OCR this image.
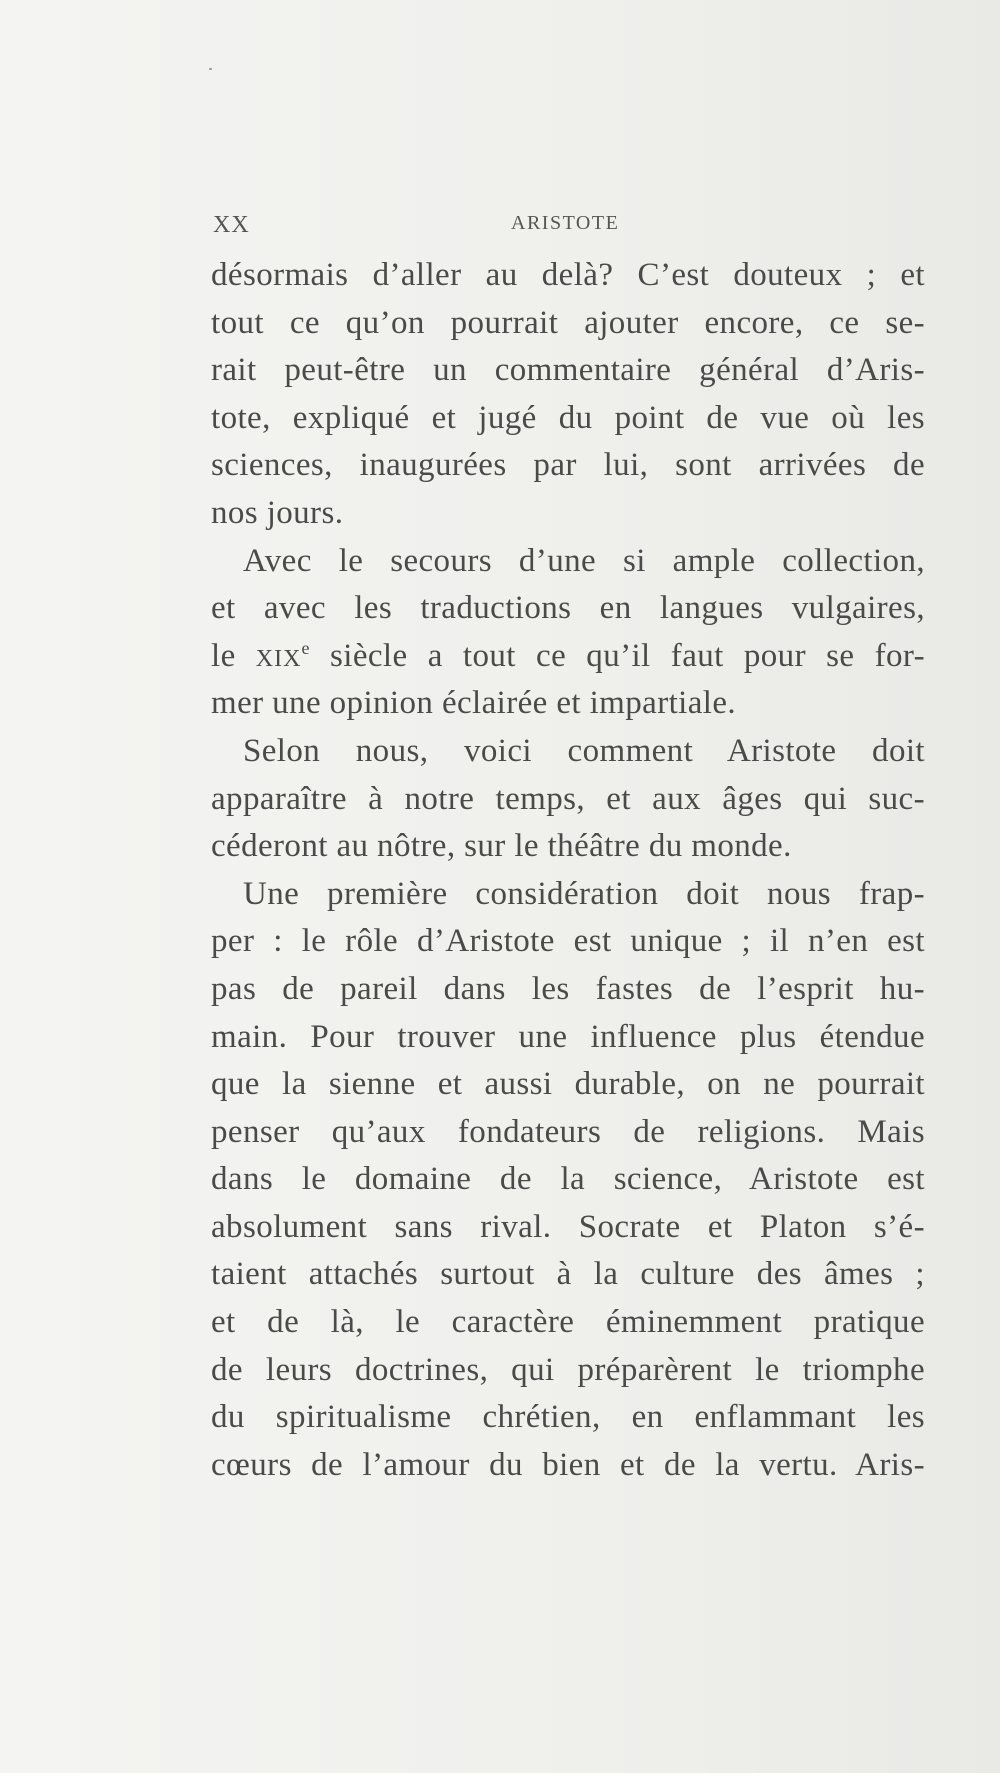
XX	ARISTOTE
désormais d’aller au delà? C’est douteux ; et
tout ce qu’on pourrait ajouter encore, ce se-
rait peut-être un commentaire général d’Aris-
tote, expliqué et jugé du point de vue où les
sciences, inaugurées par lui, sont arrivées de
nos jours.
Avec le secours d’une si ample collection,
et avec les traductions en langues vulgaires,
le XIXe siècle a tout ce qu’il faut pour se for-
mer une opinion éclairée et impartiale.
Selon nous, voici comment Aristote doit
apparaître à notre temps, et aux âges qui suc-
céderont au nôtre, sur le théâtre du monde.
Une première considération doit nous frap-
per : le rôle d’Aristote est unique ; il n’en est
pas de pareil dans les fastes de l’esprit hu-
main. Pour trouver une influence plus étendue
que la sienne et aussi durable, on ne pourrait
penser qu’aux fondateurs de religions. Mais
dans le domaine de la science, Aristote est
absolument sans rival. Socrate et Platon s’é-
taient attachés surtout à la culture des âmes ;
et de là, le caractère éminemment pratique
de leurs doctrines, qui préparèrent le triomphe
du spiritualisme chrétien, en enflammant les
cœurs de l’amour du bien et de la vertu. Aris-
